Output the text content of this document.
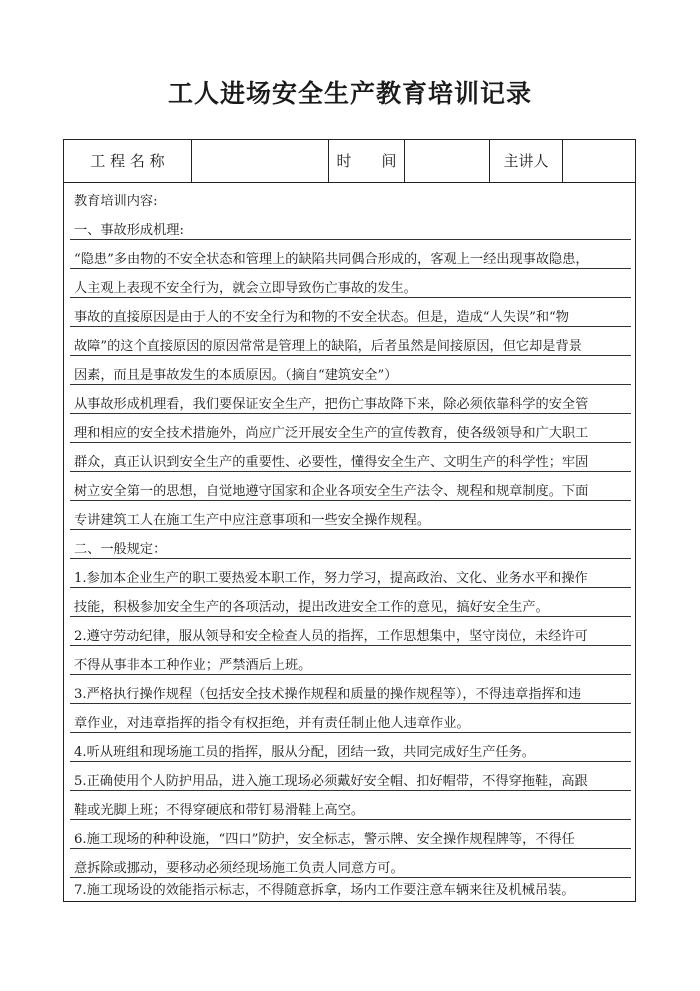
工人进场安全生产教育培训记录
工 程 名 称	时　　间	主讲人
教育培训内容:
一、事故形成机理:
“隐患”多由物的不安全状态和管理上的缺陷共同偶合形成的，客观上一经出现事故隐患，
人主观上表现不安全行为，就会立即导致伤亡事故的发生。
事故的直接原因是由于人的不安全行为和物的不安全状态。但是，造成“人失误”和“物
故障”的这个直接原因的原因常常是管理上的缺陷，后者虽然是间接原因，但它却是背景
因素，而且是事故发生的本质原因。（摘自“建筑安全”）
从事故形成机理看，我们要保证安全生产，把伤亡事故降下来，除必须依靠科学的安全管
理和相应的安全技术措施外，尚应广泛开展安全生产的宣传教育，使各级领导和广大职工
群众，真正认识到安全生产的重要性、必要性，懂得安全生产、文明生产的科学性；牢固
树立安全第一的思想，自觉地遵守国家和企业各项安全生产法令、规程和规章制度。下面
专讲建筑工人在施工生产中应注意事项和一些安全操作规程。
二、一般规定：
1.参加本企业生产的职工要热爱本职工作，努力学习，提高政治、文化、业务水平和操作
技能，积极参加安全生产的各项活动，提出改进安全工作的意见，搞好安全生产。
2.遵守劳动纪律，服从领导和安全检查人员的指挥，工作思想集中，坚守岗位，未经许可
不得从事非本工种作业；严禁酒后上班。
3.严格执行操作规程（包括安全技术操作规程和质量的操作规程等），不得违章指挥和违
章作业，对违章指挥的指令有权拒绝，并有责任制止他人违章作业。
4.听从班组和现场施工员的指挥，服从分配，团结一致，共同完成好生产任务。
5.正确使用个人防护用品，进入施工现场必须戴好安全帽、扣好帽带，不得穿拖鞋，高跟
鞋或光脚上班；不得穿硬底和带钉易滑鞋上高空。
6.施工现场的种种设施，“四口”防护，安全标志，警示牌、安全操作规程牌等，不得任
意拆除或挪动，要移动必须经现场施工负责人同意方可。
7.施工现场设的效能指示标志，不得随意拆拿，场内工作要注意车辆来往及机械吊装。
